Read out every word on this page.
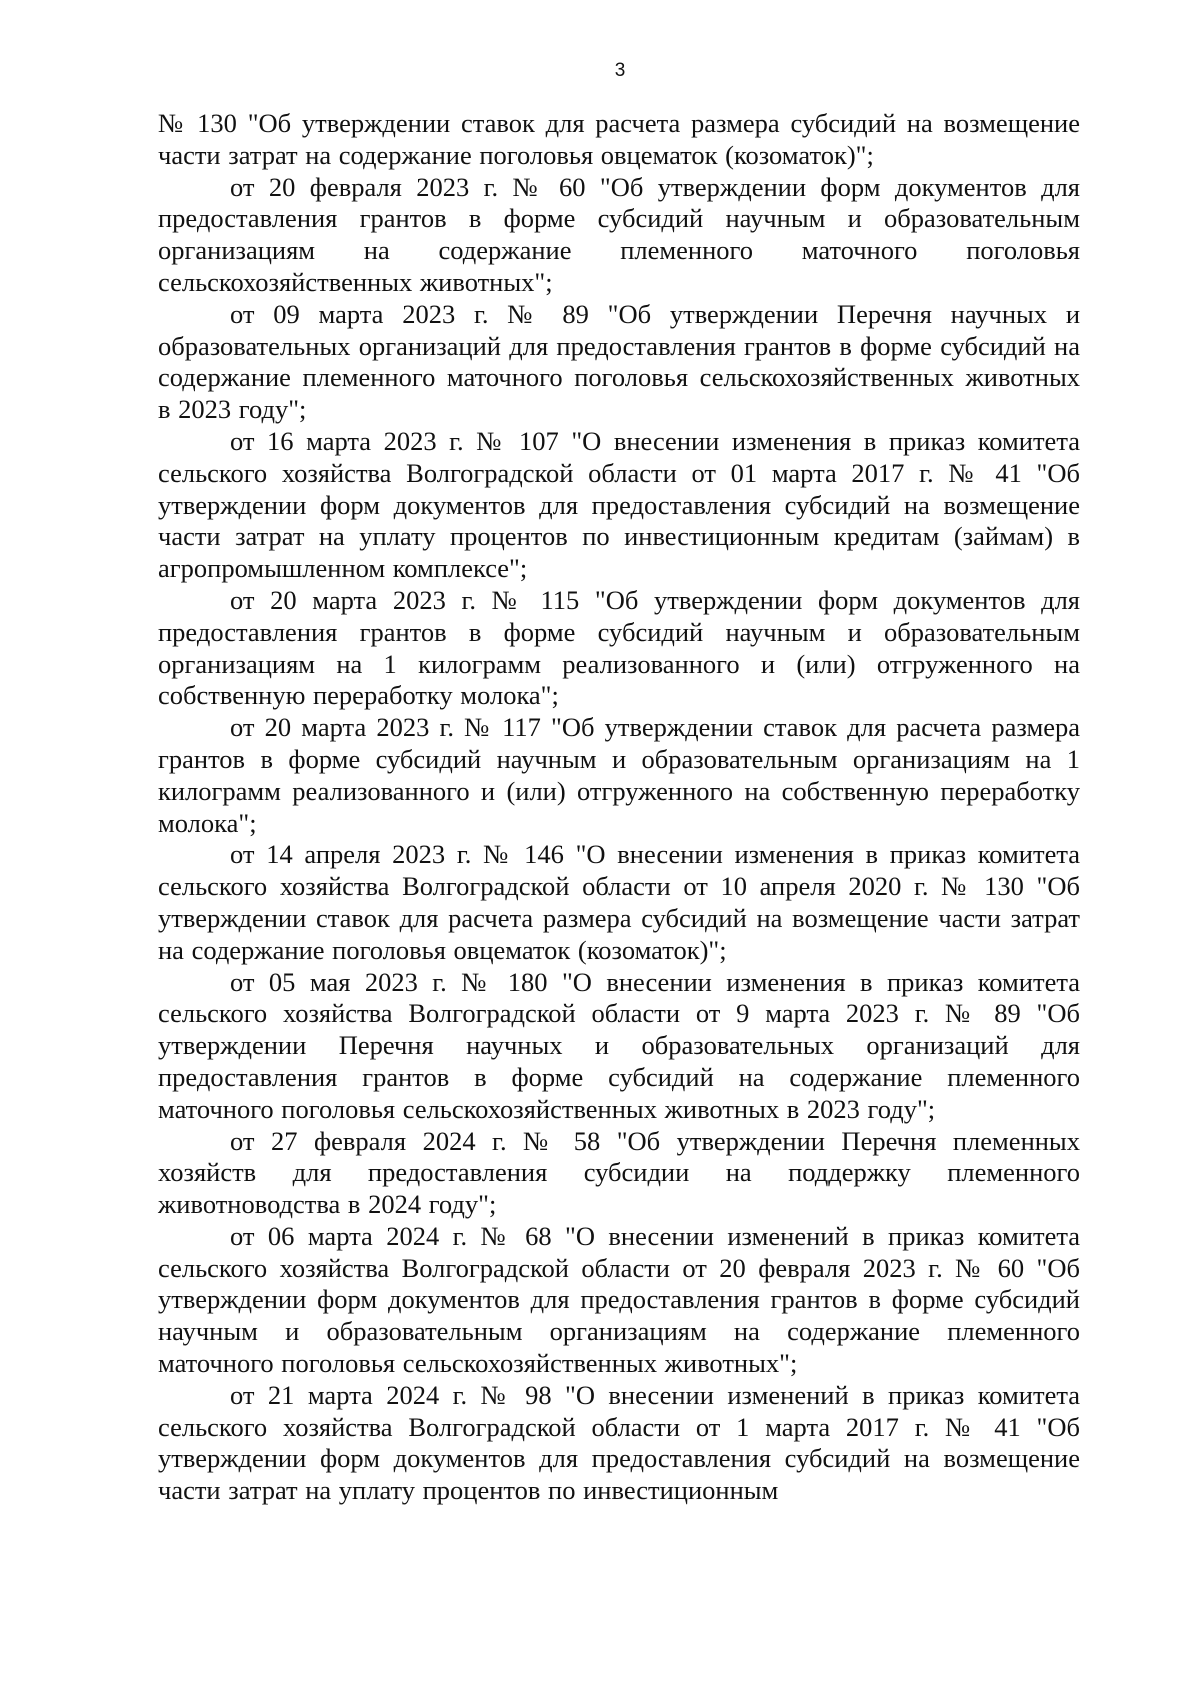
3

№ 130 "Об утверждении ставок для расчета размера субсидий на возмещение части затрат на содержание поголовья овцематок (козоматок)";

от 20 февраля 2023 г. № 60 "Об утверждении форм документов для предоставления грантов в форме субсидий научным и образовательным организациям на содержание племенного маточного поголовья сельскохозяйственных животных";

от 09 марта 2023 г. № 89 "Об утверждении Перечня научных и образовательных организаций для предоставления грантов в форме субсидий на содержание племенного маточного поголовья сельскохозяйственных животных в 2023 году";

от 16 марта 2023 г. № 107 "О внесении изменения в приказ комитета сельского хозяйства Волгоградской области от 01 марта 2017 г. № 41 "Об утверждении форм документов для предоставления субсидий на возмещение части затрат на уплату процентов по инвестиционным кредитам (займам) в агропромышленном комплексе";

от 20 марта 2023 г. № 115 "Об утверждении форм документов для предоставления грантов в форме субсидий научным и образовательным организациям на 1 килограмм реализованного и (или) отгруженного на собственную переработку молока";

от 20 марта 2023 г. № 117 "Об утверждении ставок для расчета размера грантов в форме субсидий научным и образовательным организациям на 1 килограмм реализованного и (или) отгруженного на собственную переработку молока";

от 14 апреля 2023 г. № 146 "О внесении изменения в приказ комитета сельского хозяйства Волгоградской области от 10 апреля 2020 г. № 130 "Об утверждении ставок для расчета размера субсидий на возмещение части затрат на содержание поголовья овцематок (козоматок)";

от 05 мая 2023 г. № 180 "О внесении изменения в приказ комитета сельского хозяйства Волгоградской области от 9 марта 2023 г. № 89 "Об утверждении Перечня научных и образовательных организаций для предоставления грантов в форме субсидий на содержание племенного маточного поголовья сельскохозяйственных животных в 2023 году";

от 27 февраля 2024 г. № 58 "Об утверждении Перечня племенных хозяйств для предоставления субсидии на поддержку племенного животноводства в 2024 году";

от 06 марта 2024 г. № 68 "О внесении изменений в приказ комитета сельского хозяйства Волгоградской области от 20 февраля 2023 г. № 60 "Об утверждении форм документов для предоставления грантов в форме субсидий научным и образовательным организациям на содержание племенного маточного поголовья сельскохозяйственных животных";

от 21 марта 2024 г. № 98 "О внесении изменений в приказ комитета сельского хозяйства Волгоградской области от 1 марта 2017 г. № 41 "Об утверждении форм документов для предоставления субсидий на возмещение части затрат на уплату процентов по инвестиционным
